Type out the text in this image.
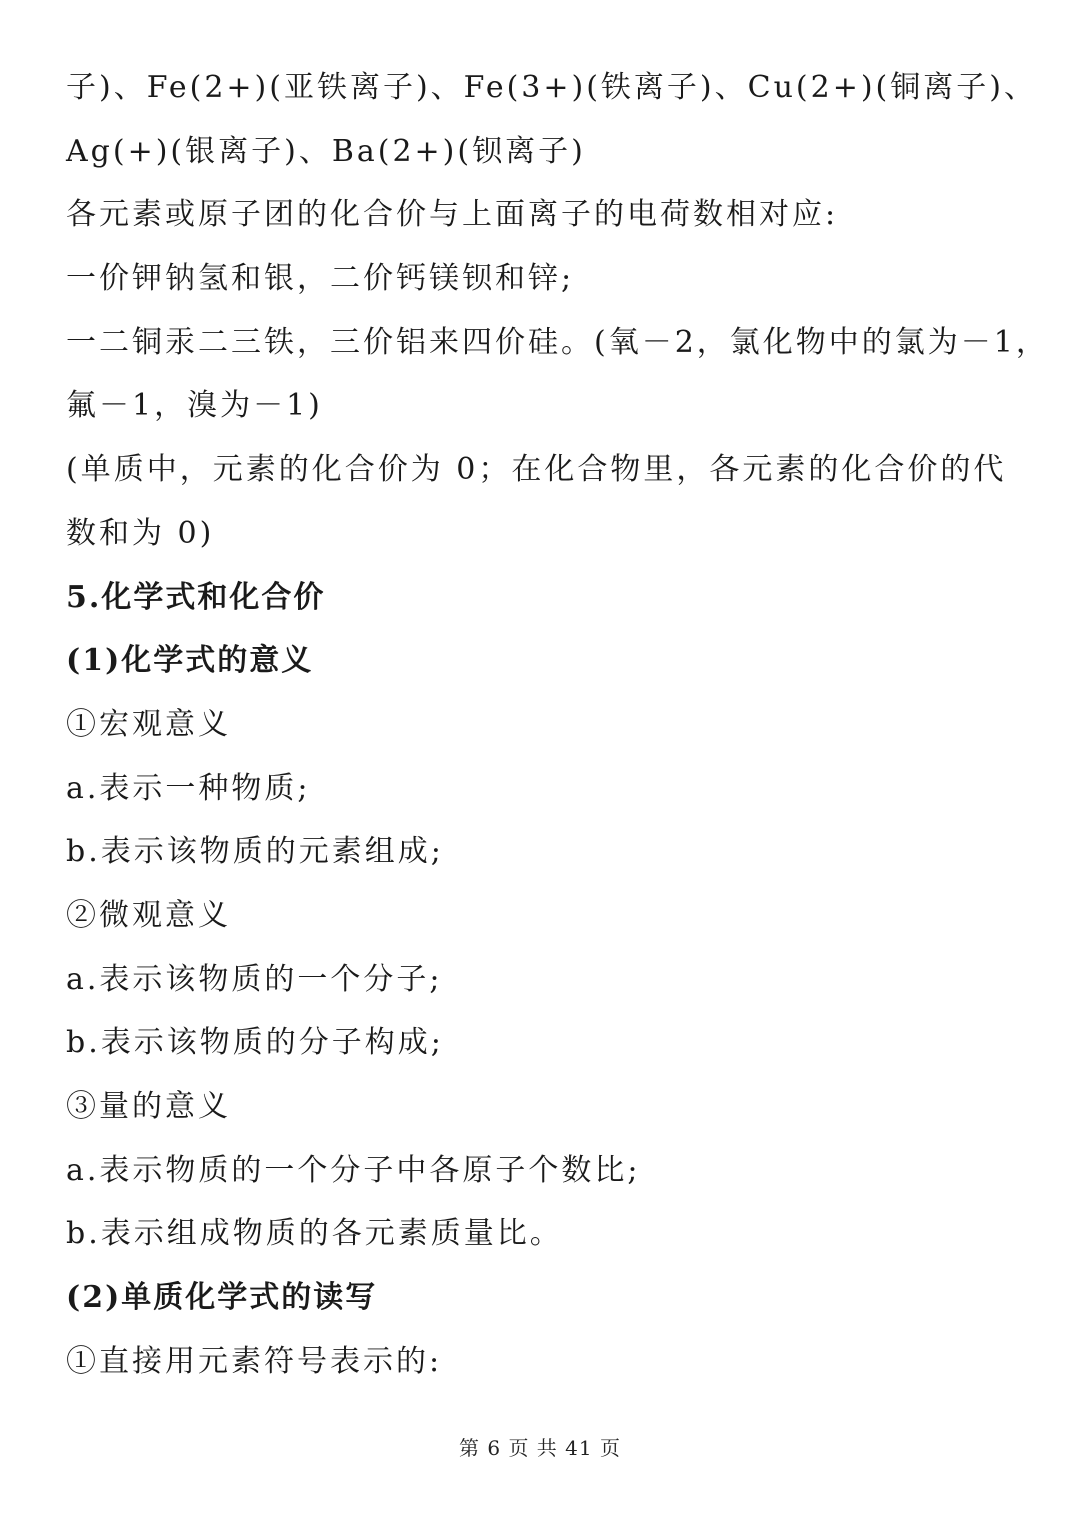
子)、Fe(2+)(亚铁离子)、Fe(3+)(铁离子)、Cu(2+)(铜离子)、
Ag(+)(银离子)、Ba(2+)(钡离子)
各元素或原子团的化合价与上面离子的电荷数相对应:
一价钾钠氢和银，二价钙镁钡和锌;
一二铜汞二三铁，三价铝来四价硅。(氧－2，氯化物中的氯为－1，
氟－1，溴为－1)
(单质中，元素的化合价为 0；在化合物里，各元素的化合价的代
数和为 0)
5.化学式和化合价
(1)化学式的意义
①宏观意义
a.表示一种物质;
b.表示该物质的元素组成;
②微观意义
a.表示该物质的一个分子;
b.表示该物质的分子构成;
③量的意义
a.表示物质的一个分子中各原子个数比;
b.表示组成物质的各元素质量比。
(2)单质化学式的读写
①直接用元素符号表示的:
第 6 页 共 41 页
